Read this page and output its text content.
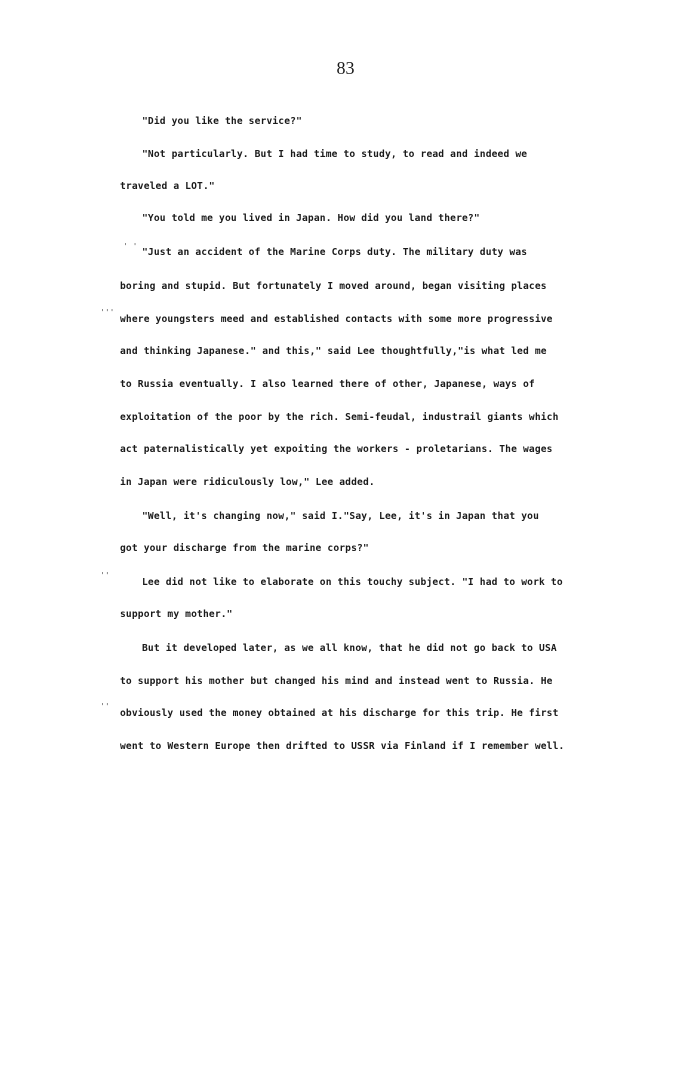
83
"Did you like the service?"
"Not particularly. But I had time to study, to read and indeed we
traveled a LOT."
"You told me you lived in Japan. How did you land there?"
"Just an accident of the Marine Corps duty. The military duty was
boring and stupid. But fortunately I moved around, began visiting places
where youngsters meed and established contacts with some more progressive
and thinking Japanese." and this," said Lee thoughtfully,"is what led me
to Russia eventually. I also learned there of other, Japanese, ways of
exploitation of the poor by the rich. Semi-feudal, industrail giants which
act paternalistically yet expoiting the workers - proletarians. The wages
in Japan were ridiculously low," Lee added.
"Well, it's changing now," said I."Say, Lee, it's in Japan that you
got your discharge from the marine corps?"
Lee did not like to elaborate on this touchy subject. "I had to work to
support my mother."
But it developed later, as we all know, that he did not go back to USA
to support his mother but changed his mind and instead went to Russia. He
obviously used the money obtained at his discharge for this trip. He first
went to Western Europe then drifted to USSR via Finland if I remember well.
' '
'''
''
''
